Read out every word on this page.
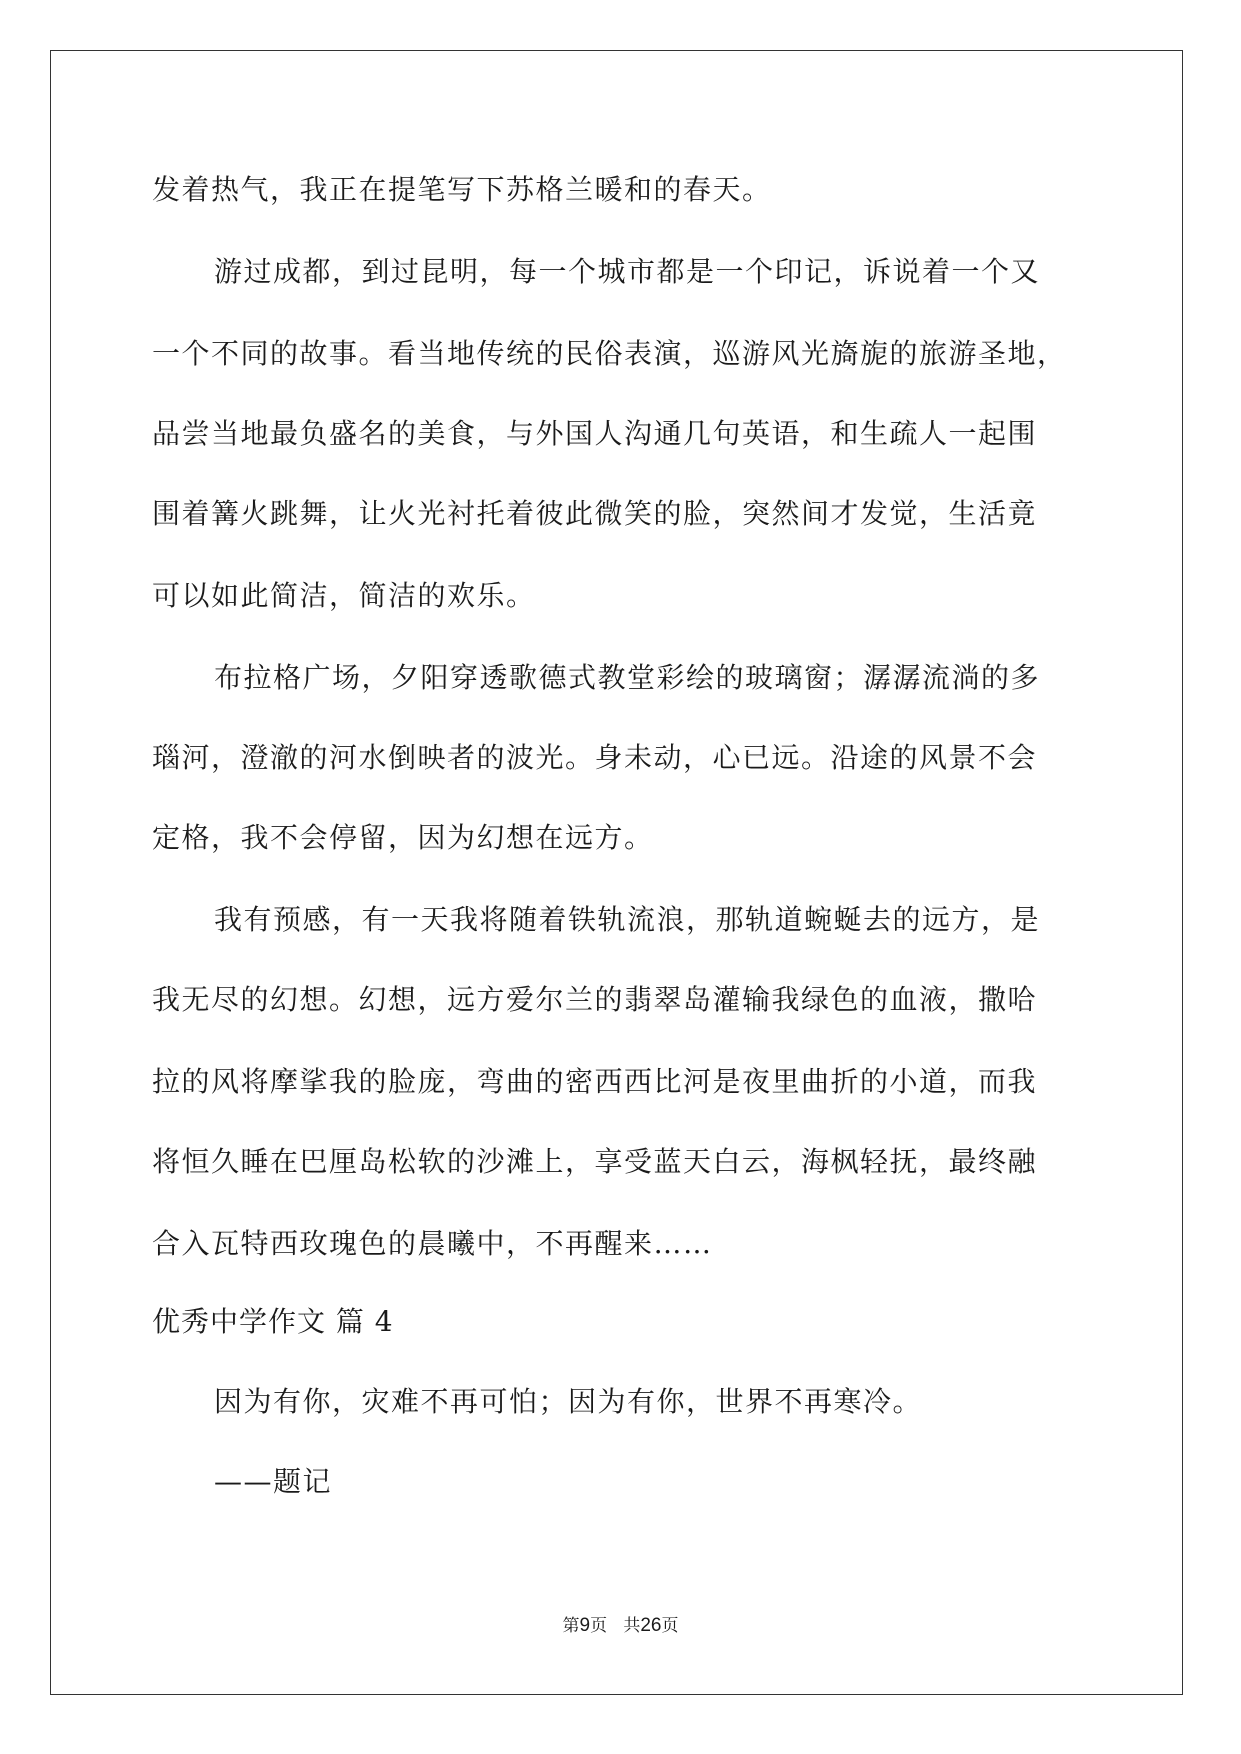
发着热气，我正在提笔写下苏格兰暖和的春天。
游过成都，到过昆明，每一个城市都是一个印记，诉说着一个又
一个不同的故事。看当地传统的民俗表演，巡游风光旖旎的旅游圣地，
品尝当地最负盛名的美食，与外国人沟通几句英语，和生疏人一起围
围着篝火跳舞，让火光衬托着彼此微笑的脸，突然间才发觉，生活竟
可以如此简洁，简洁的欢乐。
布拉格广场，夕阳穿透歌德式教堂彩绘的玻璃窗；潺潺流淌的多
瑙河，澄澈的河水倒映者的波光。身未动，心已远。沿途的风景不会
定格，我不会停留，因为幻想在远方。
我有预感，有一天我将随着铁轨流浪，那轨道蜿蜒去的远方，是
我无尽的幻想。幻想，远方爱尔兰的翡翠岛灌输我绿色的血液，撒哈
拉的风将摩挲我的脸庞，弯曲的密西西比河是夜里曲折的小道，而我
将恒久睡在巴厘岛松软的沙滩上，享受蓝天白云，海枫轻抚，最终融
合入瓦特西玫瑰色的晨曦中，不再醒来……
优秀中学作文 篇 4
因为有你，灾难不再可怕；因为有你，世界不再寒冷。
——题记
第9页 共26页
